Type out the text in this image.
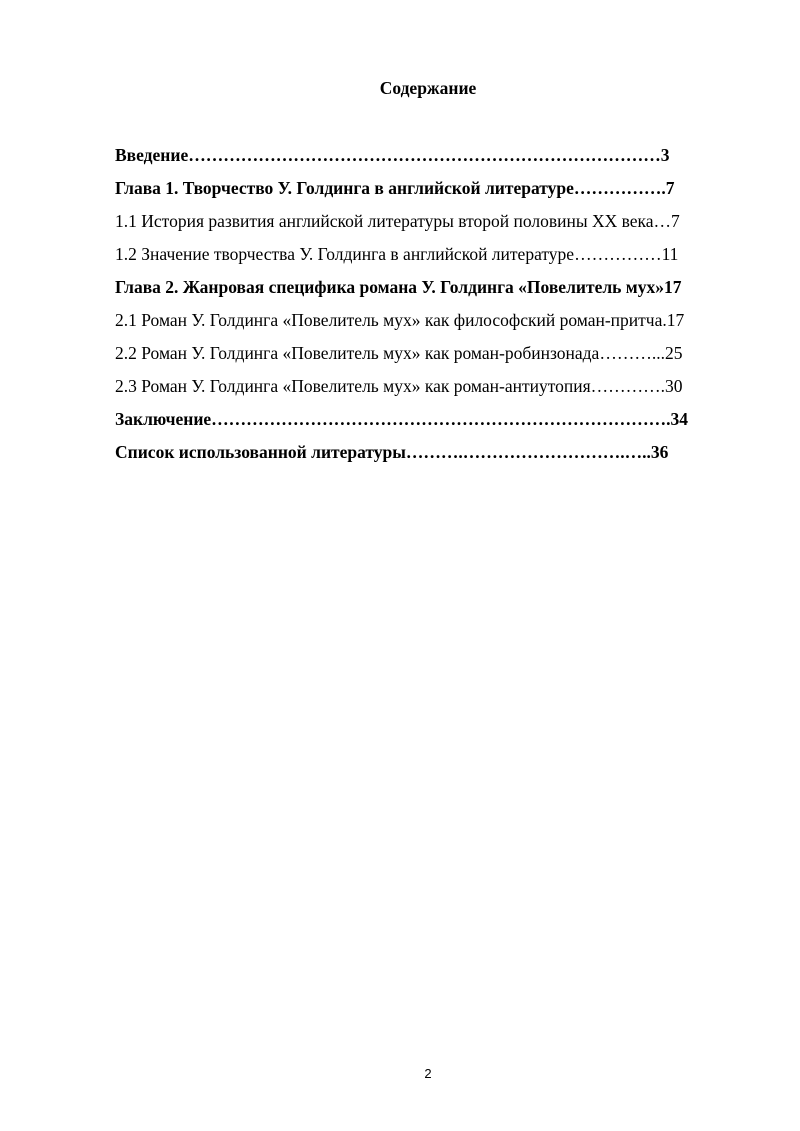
Содержание
Введение………………………………………………………………………3
Глава 1. Творчество У. Голдинга в английской литературе…………….7
1.1 История развития английской литературы второй половины XX века…7
1.2 Значение творчества У. Голдинга в английской литературе……………11
Глава 2. Жанровая специфика романа У. Голдинга «Повелитель мух»17
2.1 Роман У. Голдинга «Повелитель мух» как философский роман-притча.17
2.2 Роман У. Голдинга «Повелитель мух» как роман-робинзонада………...25
2.3 Роман У. Голдинга «Повелитель мух» как роман-антиутопия………….30
Заключение…………………………………………………………………….34
Список использованной литературы……….……………………….…..36
2
